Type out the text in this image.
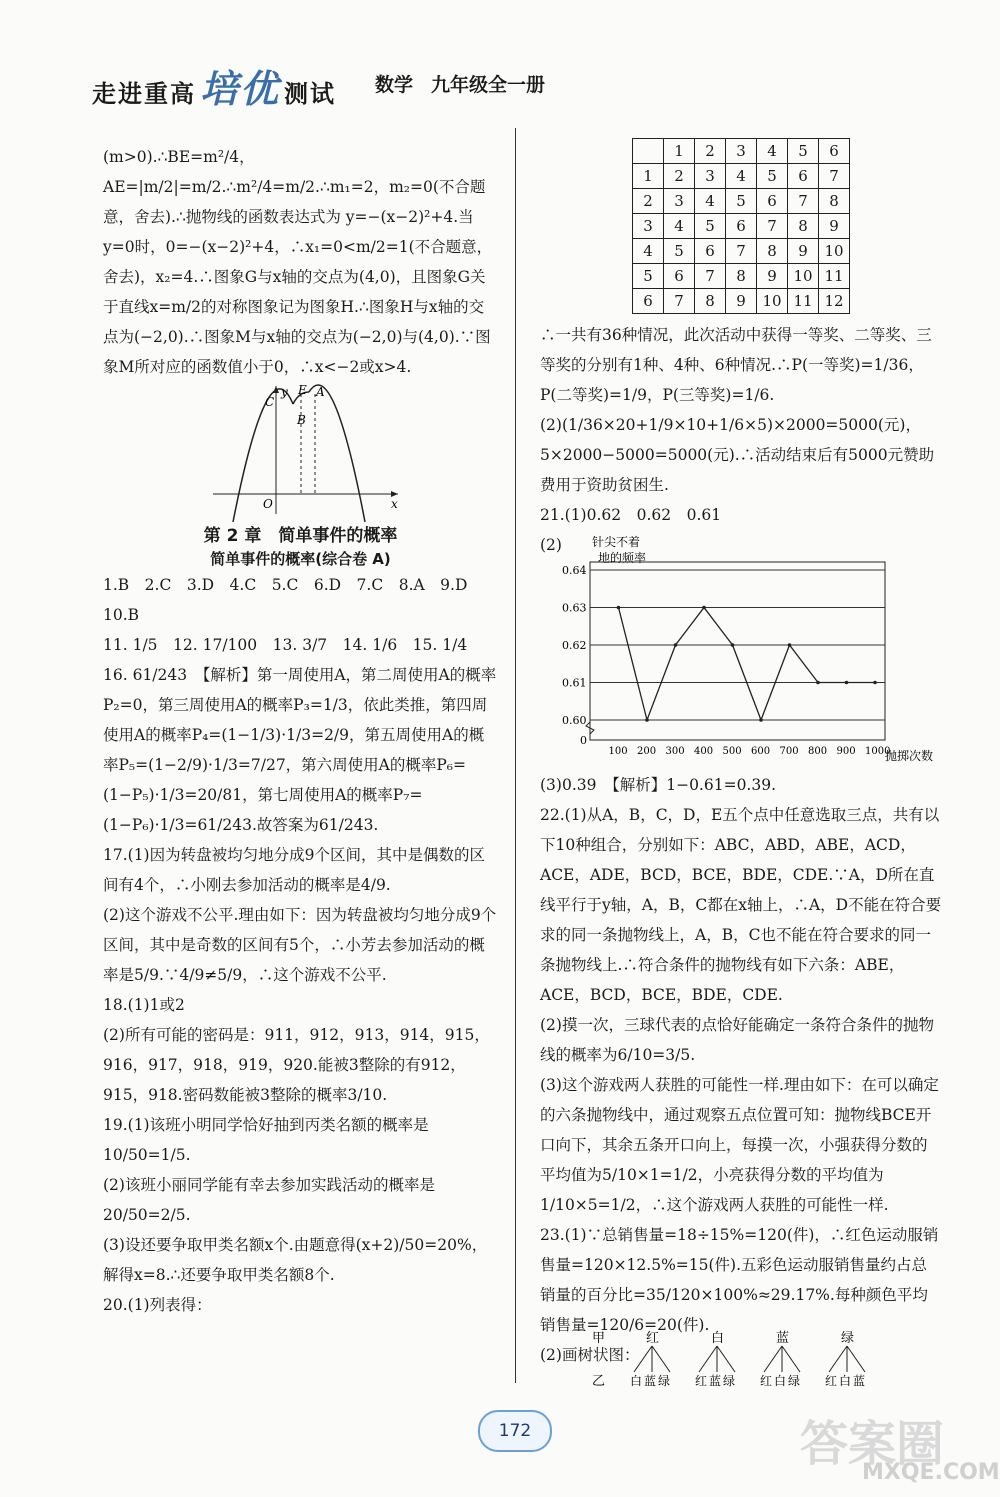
走进重高 培优 测试 数学 九年级全一册

(m>0).∴BE=m²/4，AE=|m/2|=m/2.∴m²/4=m/2.∴m₁=2，m₂=0(不合题意，舍去).∴抛物线的函数表达式为 y=−(x−2)²+4.当 y=0时，0=−(x−2)²+4，∴x₁=0<m/2=1(不合题意，舍去)，x₂=4.∴图象G与x轴的交点为(4,0)，且图象G关于直线x=m/2的对称图象记为图象H.∴图象H与x轴的交点为(−2,0).∴图象M与x轴的交点为(−2,0)与(4,0).∵图象M所对应的函数值小于0，∴x<−2或x>4.

y
C
E A
B
O	x
第 2 章　简单事件的概率
简单事件的概率(综合卷 A)

1.B　2.C　3.D　4.C　5.C　6.D　7.C　8.A　9.D　10.B

11. 1/5　12. 17/100　13. 3/7　14. 1/6　15. 1/4

16. 61/243　【解析】第一周使用A，第二周使用A的概率P₂=0，第三周使用A的概率P₃=1/3，依此类推，第四周使用A的概率P₄=(1−1/3)·1/3=2/9，第五周使用A的概率P₅=(1−2/9)·1/3=7/27，第六周使用A的概率P₆=(1−P₅)·1/3=20/81，第七周使用A的概率P₇=(1−P₆)·1/3=61/243.故答案为61/243.

17.(1)因为转盘被均匀地分成9个区间，其中是偶数的区间有4个，∴小刚去参加活动的概率是4/9.

(2)这个游戏不公平.理由如下：因为转盘被均匀地分成9个区间，其中是奇数的区间有5个，∴小芳去参加活动的概率是5/9.∵4/9≠5/9，∴这个游戏不公平.

18.(1)1或2

(2)所有可能的密码是：911，912，913，914，915，916，917，918，919，920.能被3整除的有912，915，918.密码数能被3整除的概率3/10.

19.(1)该班小明同学恰好抽到丙类名额的概率是10/50=1/5.

(2)该班小丽同学能有幸去参加实践活动的概率是20/50=2/5.

(3)设还要争取甲类名额x个.由题意得(x+2)/50=20%，解得x=8.∴还要争取甲类名额8个.

20.(1)列表得：

	1	2	3	4	5	6
1	2	3	4	5	6	7
2	3	4	5	6	7	8
3	4	5	6	7	8	9
4	5	6	7	8	9	10
5	6	7	8	9	10	11
6	7	8	9	10	11	12

∴一共有36种情况，此次活动中获得一等奖、二等奖、三等奖的分别有1种、4种、6种情况.∴P(一等奖)=1/36，P(二等奖)=1/9，P(三等奖)=1/6.

(2)(1/36×20+1/9×10+1/6×5)×2000=5000(元)，5×2000−5000=5000(元).∴活动结束后有5000元赞助费用于资助贫困生.

21.(1)0.62　0.62　0.61

(2)	针尖不着
地的频率
0.64
0.63
0.62
0.61
0.60
0
100 200 300 400 500 600 700 800 900 1000
抛掷次数

(3)0.39　【解析】1−0.61=0.39.

22.(1)从A，B，C，D，E五个点中任意选取三点，共有以下10种组合，分别如下：ABC，ABD，ABE，ACD，ACE，ADE，BCD，BCE，BDE，CDE.∵A，D所在直线平行于y轴，A，B，C都在x轴上，∴A，D不能在符合要求的同一条抛物线上，A，B，C也不能在符合要求的同一条抛物线上.∴符合条件的抛物线有如下六条：ABE，ACE，BCD，BCE，BDE，CDE.

(2)摸一次，三球代表的点恰好能确定一条符合条件的抛物线的概率为6/10=3/5.

(3)这个游戏两人获胜的可能性一样.理由如下：在可以确定的六条抛物线中，通过观察五点位置可知：抛物线BCE开口向下，其余五条开口向上，每摸一次，小强获得分数的平均值为5/10×1=1/2，小亮获得分数的平均值为1/10×5=1/2，∴这个游戏两人获胜的可能性一样.

23.(1)∵总销售量=18÷15%=120(件)，∴红色运动服销售量=120×12.5%=15(件).五彩色运动服销售量约占总销量的百分比=35/120×100%≈29.17%.每种颜色平均销售量=120/6=20(件).

(2)画树状图：

甲
乙
红
白蓝绿
白
红蓝绿
蓝
红白绿
绿
红白蓝
172	答案圈
MXQE.COM
